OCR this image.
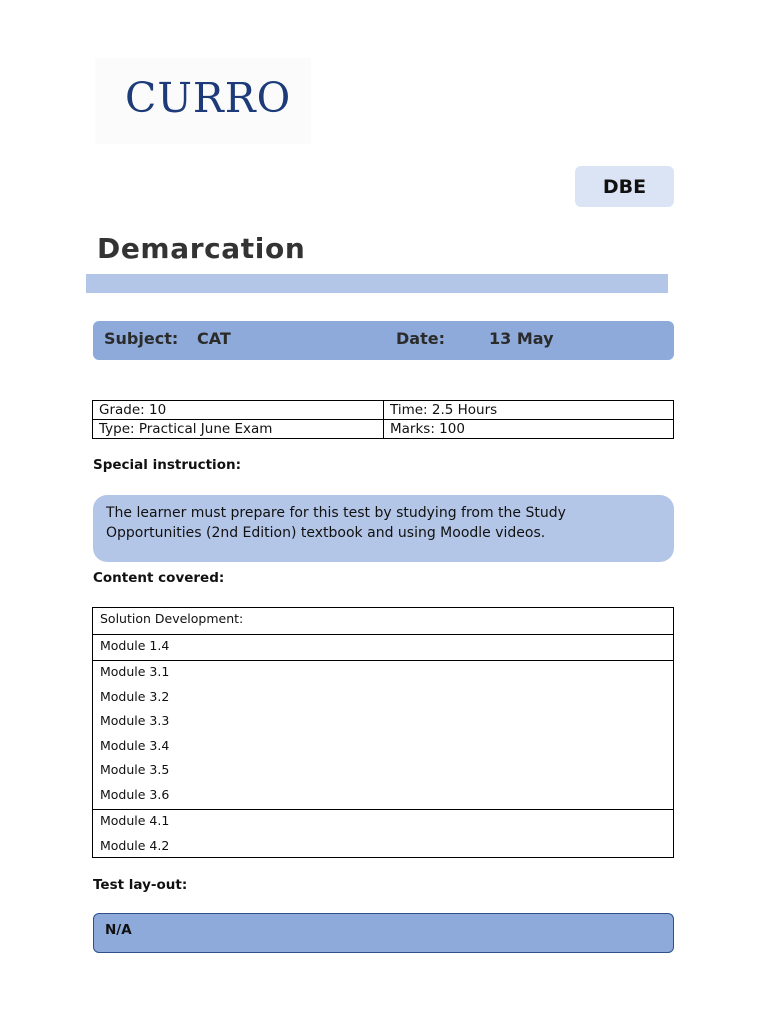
CURRO
DBE
Demarcation
Subject: CAT	Date:	13 May
Grade: 10	Time: 2.5 Hours
Type: Practical June Exam	Marks: 100
Special instruction:
The learner must prepare for this test by studying from the Study Opportunities (2nd Edition) textbook and using Moodle videos.
Content covered:
Solution Development:
Module 1.4
Module 3.1
Module 3.2
Module 3.3
Module 3.4
Module 3.5
Module 3.6
Module 4.1
Module 4.2
Test lay-out:
N/A
